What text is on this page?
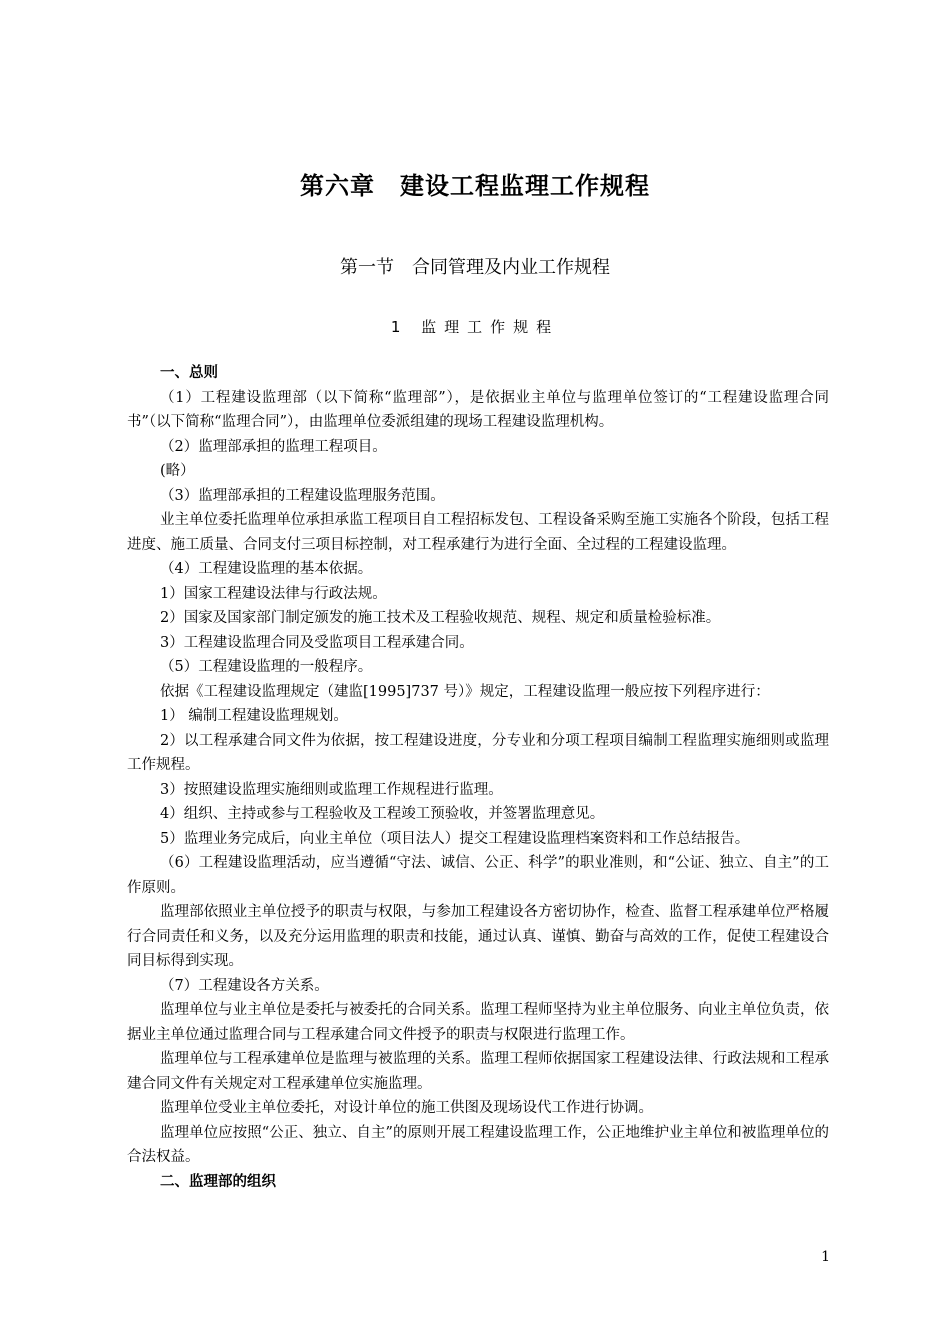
第六章　建设工程监理工作规程
第一节　合同管理及内业工作规程
1 监理工作规程

一、总则

（1）工程建设监理部（以下简称“监理部”），是依据业主单位与监理单位签订的“工程建设监理合同书”（以下简称“监理合同”），由监理单位委派组建的现场工程建设监理机构。

（2）监理部承担的监理工程项目。

(略）

（3）监理部承担的工程建设监理服务范围。

业主单位委托监理单位承担承监工程项目自工程招标发包、工程设备采购至施工实施各个阶段，包括工程进度、施工质量、合同支付三项目标控制，对工程承建行为进行全面、全过程的工程建设监理。

（4）工程建设监理的基本依据。

1）国家工程建设法律与行政法规。

2）国家及国家部门制定颁发的施工技术及工程验收规范、规程、规定和质量检验标准。

3）工程建设监理合同及受监项目工程承建合同。

（5）工程建设监理的一般程序。

依据《工程建设监理规定（建监[1995]737 号）》规定，工程建设监理一般应按下列程序进行：

1） 编制工程建设监理规划。

2）以工程承建合同文件为依据，按工程建设进度，分专业和分项工程项目编制工程监理实施细则或监理工作规程。

3）按照建设监理实施细则或监理工作规程进行监理。

4）组织、主持或参与工程验收及工程竣工预验收，并签署监理意见。

5）监理业务完成后，向业主单位（项目法人）提交工程建设监理档案资料和工作总结报告。

（6）工程建设监理活动，应当遵循“守法、诚信、公正、科学”的职业准则，和“公证、独立、自主”的工作原则。

监理部依照业主单位授予的职责与权限，与参加工程建设各方密切协作，检查、监督工程承建单位严格履行合同责任和义务，以及充分运用监理的职责和技能，通过认真、谨慎、勤奋与高效的工作，促使工程建设合同目标得到实现。

（7）工程建设各方关系。

监理单位与业主单位是委托与被委托的合同关系。监理工程师坚持为业主单位服务、向业主单位负责，依据业主单位通过监理合同与工程承建合同文件授予的职责与权限进行监理工作。

监理单位与工程承建单位是监理与被监理的关系。监理工程师依据国家工程建设法律、行政法规和工程承建合同文件有关规定对工程承建单位实施监理。

监理单位受业主单位委托，对设计单位的施工供图及现场设代工作进行协调。

监理单位应按照“公正、独立、自主”的原则开展工程建设监理工作，公正地维护业主单位和被监理单位的合法权益。

二、监理部的组织

1
